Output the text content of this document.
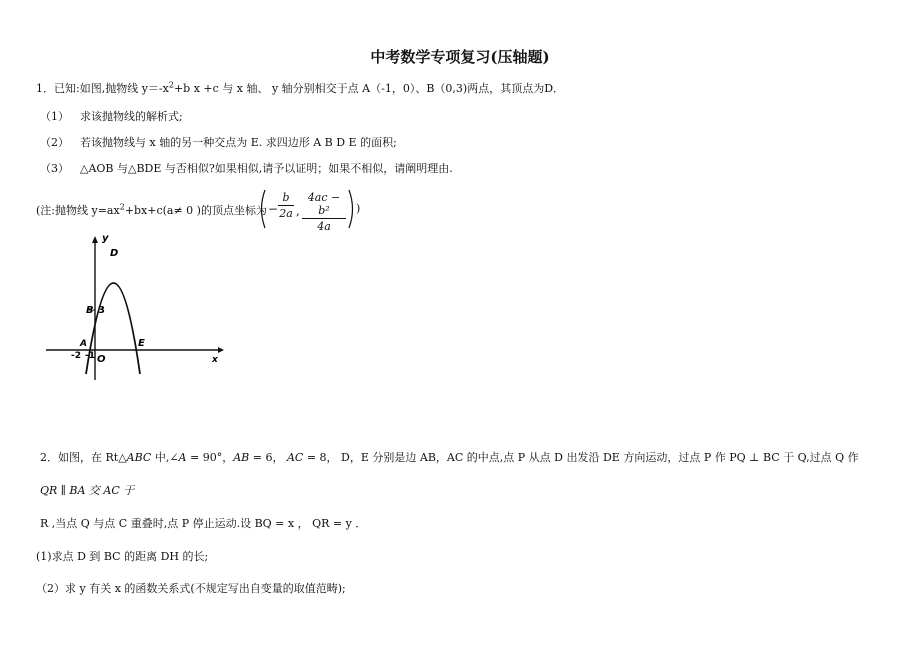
中考数学专项复习(压轴题)
1．已知:如图,抛物线 $y=-x^2+b$ x +c 与 x 轴、 y 轴分别相交于点 A（-1，0）、B（0,3)两点，其顶点为D．
（1） 求该抛物线的解析式;
（2） 若该抛物线与 x 轴的另一种交点为 E. 求四边形 A B D E 的面积;
（3） △AOB 与△BDE 与否相似?如果相似,请予以证明；如果不相似，请阐明理由.
(注:抛物线 $y=ax^2+bx+c(a\ne 0$ )的顶点坐标为 −
b
2a ,
4ac − b²
4a
)
y
x
D
B 3
A	E
O
-2 -1
2．如图，在 Rt△ABC 中,∠A = 90°，AB = 6， AC = 8， D，E 分别是边 AB，AC 的中点,点 P 从点 D 出发沿 DE 方向运动，过点 P 作 PQ ⊥ BC 于 Q,过点 Q 作
QR ∥ BA 交 AC 于
R ,当点 Q 与点 C 重叠时,点 P 停止运动.设 BQ = x ， QR = y ．
(1)求点 D 到 BC 的距离 DH 的长;
（2）求 y 有关 x 的函数关系式(不规定写出自变量的取值范畴);
